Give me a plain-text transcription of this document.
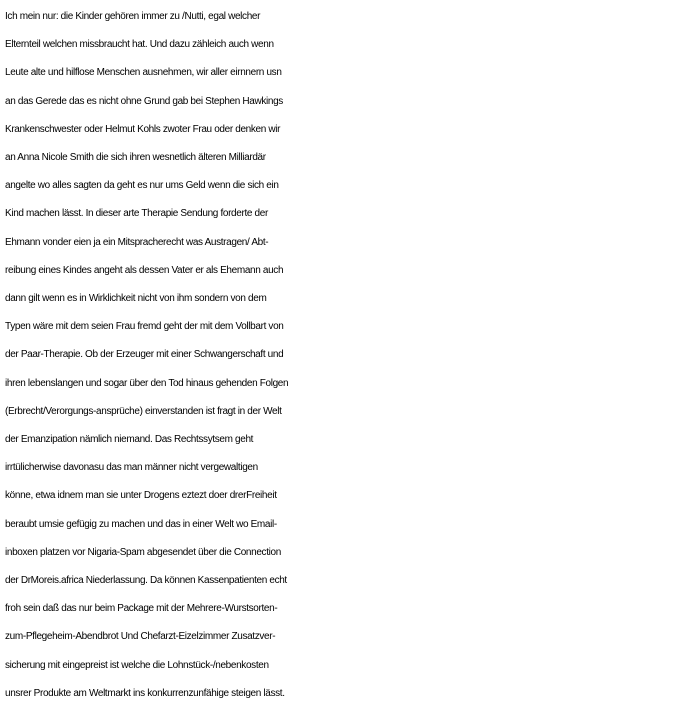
Ich mein nur: die Kinder gehören immer zu /Nutti, egal welcher
Elternteil welchen missbraucht hat. Und dazu zähleich auch wenn
Leute alte und hilflose Menschen ausnehmen, wir aller eirnnern usn
an das Gerede das es nicht ohne Grund gab bei Stephen Hawkings
Krankenschwester oder Helmut Kohls zwoter Frau oder denken wir
an Anna Nicole Smith die sich ihren wesnetlich älteren Milliardär
angelte wo alles sagten da geht es nur ums Geld wenn die sich ein
Kind machen lässt. In dieser arte Therapie Sendung forderte der
Ehmann vonder eien ja ein Mitspracherecht was Austragen/ Abt-
reibung eines Kindes angeht als dessen Vater er als Ehemann auch
dann gilt wenn es in Wirklichkeit nicht von ihm sondern von dem
Typen wäre mit dem seien Frau fremd geht der mit dem Vollbart von
der Paar-Therapie. Ob der Erzeuger mit einer Schwangerschaft und
ihren lebenslangen und sogar über den Tod hinaus gehenden Folgen
(Erbrecht/Verorgungs-ansprüche) einverstanden ist fragt in der Welt
der Emanzipation nämlich niemand. Das Rechtssytsem geht
irrtülicherwise davonasu das man männer nicht vergewaltigen
könne, etwa idnem man sie unter Drogens eztezt doer drerFreiheit
beraubt umsie gefügig zu machen und das in einer Welt wo Email-
inboxen platzen vor Nigaria-Spam abgesendet über die Connection
der DrMoreis.africa Niederlassung. Da können Kassenpatienten echt
froh sein daß das nur beim Package mit der Mehrere-Wurstsorten-
zum-Pflegeheim-Abendbrot Und Chefarzt-Eizelzimmer Zusatzver-
sicherung mit eingepreist ist welche die Lohnstück-/nebenkosten
unsrer Produkte am Weltmarkt ins konkurrenzunfähige steigen lässt.
